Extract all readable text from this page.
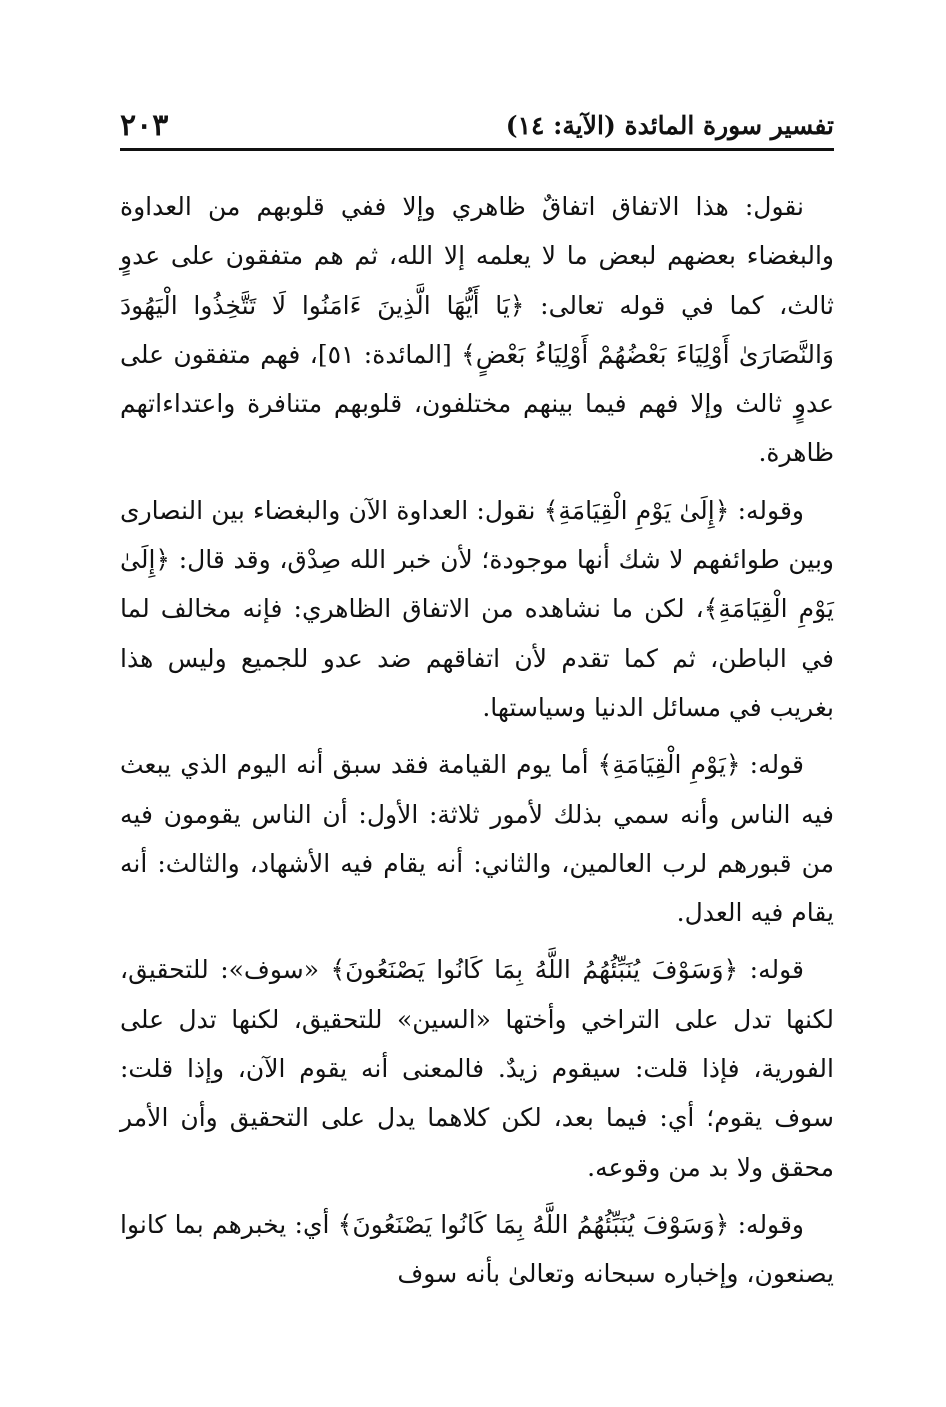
تفسير سورة المائدة (الآية: ١٤)
٢٠٣

نقول: هذا الاتفاق اتفاقٌ ظاهري وإلا ففي قلوبهم من العداوة والبغضاء بعضهم لبعض ما لا يعلمه إلا الله، ثم هم متفقون على عدوٍ ثالث، كما في قوله تعالى: ﴿يَا أَيُّهَا الَّذِينَ ءَامَنُوا لَا تَتَّخِذُوا الْيَهُودَ وَالنَّصَارَىٰ أَوْلِيَاءَ بَعْضُهُمْ أَوْلِيَاءُ بَعْضٍ﴾ [المائدة: ٥١]، فهم متفقون على عدوٍ ثالث وإلا فهم فيما بينهم مختلفون، قلوبهم متنافرة واعتداءاتهم ظاهرة.

وقوله: ﴿إِلَىٰ يَوْمِ الْقِيَامَةِ﴾ نقول: العداوة الآن والبغضاء بين النصارى وبين طوائفهم لا شك أنها موجودة؛ لأن خبر الله صِدْق، وقد قال: ﴿إِلَىٰ يَوْمِ الْقِيَامَةِ﴾، لكن ما نشاهده من الاتفاق الظاهري: فإنه مخالف لما في الباطن، ثم كما تقدم لأن اتفاقهم ضد عدو للجميع وليس هذا بغريب في مسائل الدنيا وسياستها.

قوله: ﴿يَوْمِ الْقِيَامَةِ﴾ أما يوم القيامة فقد سبق أنه اليوم الذي يبعث فيه الناس وأنه سمي بذلك لأمور ثلاثة: الأول: أن الناس يقومون فيه من قبورهم لرب العالمين، والثاني: أنه يقام فيه الأشهاد، والثالث: أنه يقام فيه العدل.

قوله: ﴿وَسَوْفَ يُنَبِّئُهُمُ اللَّهُ بِمَا كَانُوا يَصْنَعُونَ﴾ «سوف»: للتحقيق، لكنها تدل على التراخي وأختها «السين» للتحقيق، لكنها تدل على الفورية، فإذا قلت: سيقوم زيدٌ. فالمعنى أنه يقوم الآن، وإذا قلت: سوف يقوم؛ أي: فيما بعد، لكن كلاهما يدل على التحقيق وأن الأمر محقق ولا بد من وقوعه.

وقوله: ﴿وَسَوْفَ يُنَبِّئُهُمُ اللَّهُ بِمَا كَانُوا يَصْنَعُونَ﴾ أي: يخبرهم بما كانوا يصنعون، وإخباره سبحانه وتعالىٰ بأنه سوف
